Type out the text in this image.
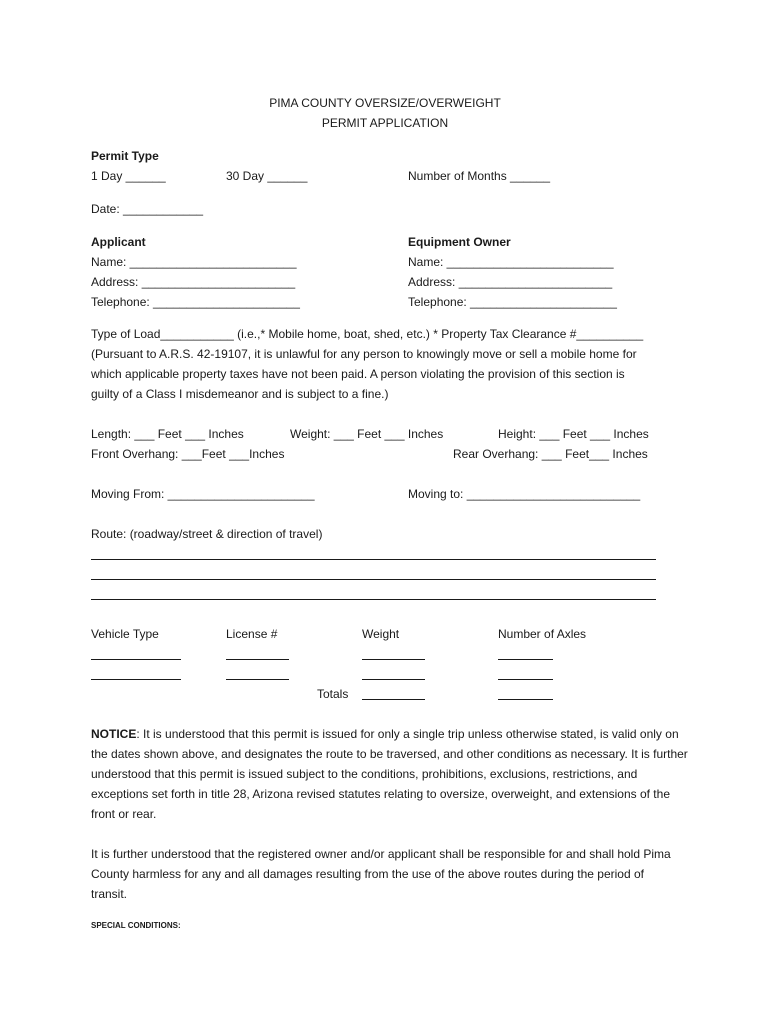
PIMA COUNTY OVERSIZE/OVERWEIGHT
PERMIT APPLICATION
Permit Type
1 Day ______	30 Day ______	Number of Months ______
Date: ____________
Applicant
Name: _________________________
Address: _______________________
Telephone: ______________________
Equipment Owner
Name: _________________________
Address: _______________________
Telephone: ______________________
Type of Load___________ (i.e.,* Mobile home, boat, shed, etc.) * Property Tax Clearance #__________
(Pursuant to A.R.S. 42-19107, it is unlawful for any person to knowingly move or sell a mobile home for
which applicable property taxes have not been paid. A person violating the provision of this section is
guilty of a Class I misdemeanor and is subject to a fine.)
Length: ___ Feet ___ Inches	Weight: ___ Feet ___ Inches	Height: ___ Feet ___ Inches
Front Overhang: ___Feet ___Inches	Rear Overhang: ___ Feet___ Inches
Moving From: ______________________	Moving to: __________________________
Route: (roadway/street & direction of travel)
Vehicle Type	License #	Weight	Number of Axles
Totals
NOTICE: It is understood that this permit is issued for only a single trip unless otherwise stated, is valid only on the dates shown above, and designates the route to be traversed, and other conditions as necessary. It is further understood that this permit is issued subject to the conditions, prohibitions, exclusions, restrictions, and exceptions set forth in title 28, Arizona revised statutes relating to oversize, overweight, and extensions of the front or rear.
It is further understood that the registered owner and/or applicant shall be responsible for and shall hold Pima County harmless for any and all damages resulting from the use of the above routes during the period of transit.
SPECIAL CONDITIONS:
